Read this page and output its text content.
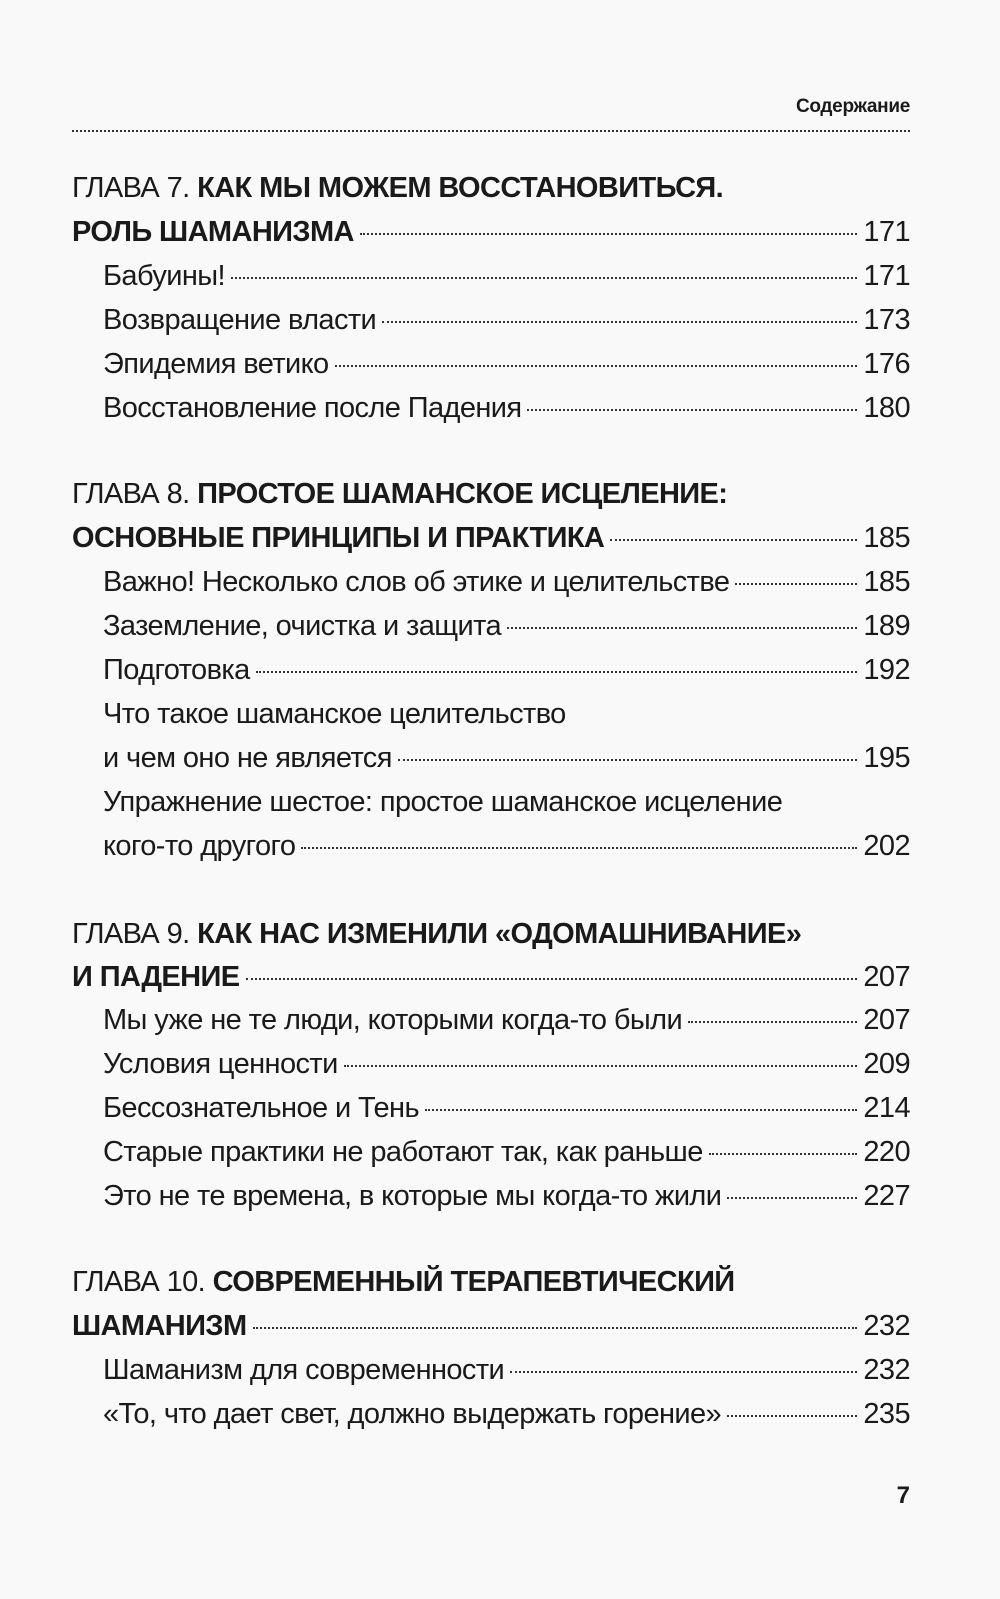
Содержание
ГЛАВА 7.
КАК МЫ МОЖЕМ ВОССТАНОВИТЬСЯ.
РОЛЬ ШАМАНИЗМА	171
Бабуины!	171
Возвращение власти	173
Эпидемия ветико	176
Восстановление после Падения	180
ГЛАВА 8.
ПРОСТОЕ ШАМАНСКОЕ ИСЦЕЛЕНИЕ:
ОСНОВНЫЕ ПРИНЦИПЫ И ПРАКТИКА	185
Важно! Несколько слов об этике и целительстве	185
Заземление, очистка и защита	189
Подготовка	192
Что такое шаманское целительство
и чем оно не является	195
Упражнение шестое: простое шаманское исцеление
кого-то другого	202
ГЛАВА 9.
КАК НАС ИЗМЕНИЛИ «ОДОМАШНИВАНИЕ»
И ПАДЕНИЕ	207
Мы уже не те люди, которыми когда-то были	207
Условия ценности	209
Бессознательное и Тень	214
Старые практики не работают так, как раньше	220
Это не те времена, в которые мы когда-то жили	227
ГЛАВА 10.
СОВРЕМЕННЫЙ ТЕРАПЕВТИЧЕСКИЙ
ШАМАНИЗМ	232
Шаманизм для современности	232
«То, что дает свет, должно выдержать горение»	235
7
